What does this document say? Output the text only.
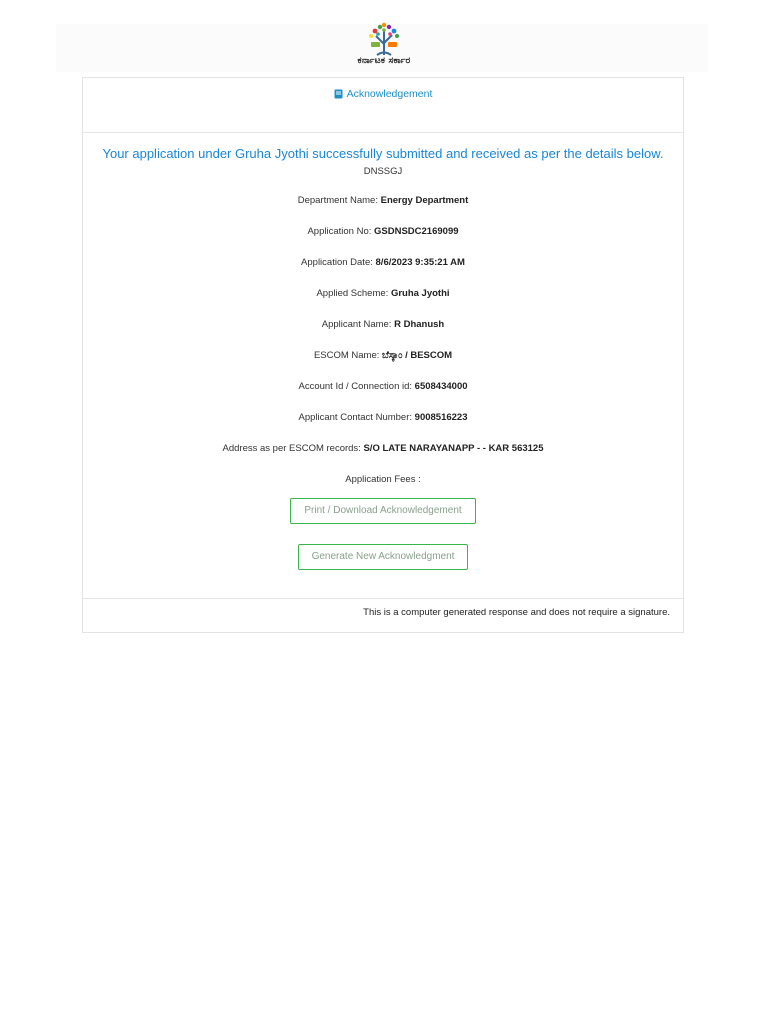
ಕರ್ನಾಟಕ ಸರ್ಕಾರ
Acknowledgement
Your application under Gruha Jyothi successfully submitted and received as per the details below.
DNSSGJ
Department Name: Energy Department
Application No: GSDNSDC2169099
Application Date: 8/6/2023 9:35:21 AM
Applied Scheme: Gruha Jyothi
Applicant Name: R Dhanush
ESCOM Name: ಬೆಸ್ಕಾಂ / BESCOM
Account Id / Connection id: 6508434000
Applicant Contact Number: 9008516223
Address as per ESCOM records: S/O LATE NARAYANAPP - - KAR 563125
Application Fees :
Print / Download Acknowledgement
Generate New Acknowledgment
This is a computer generated response and does not require a signature.
